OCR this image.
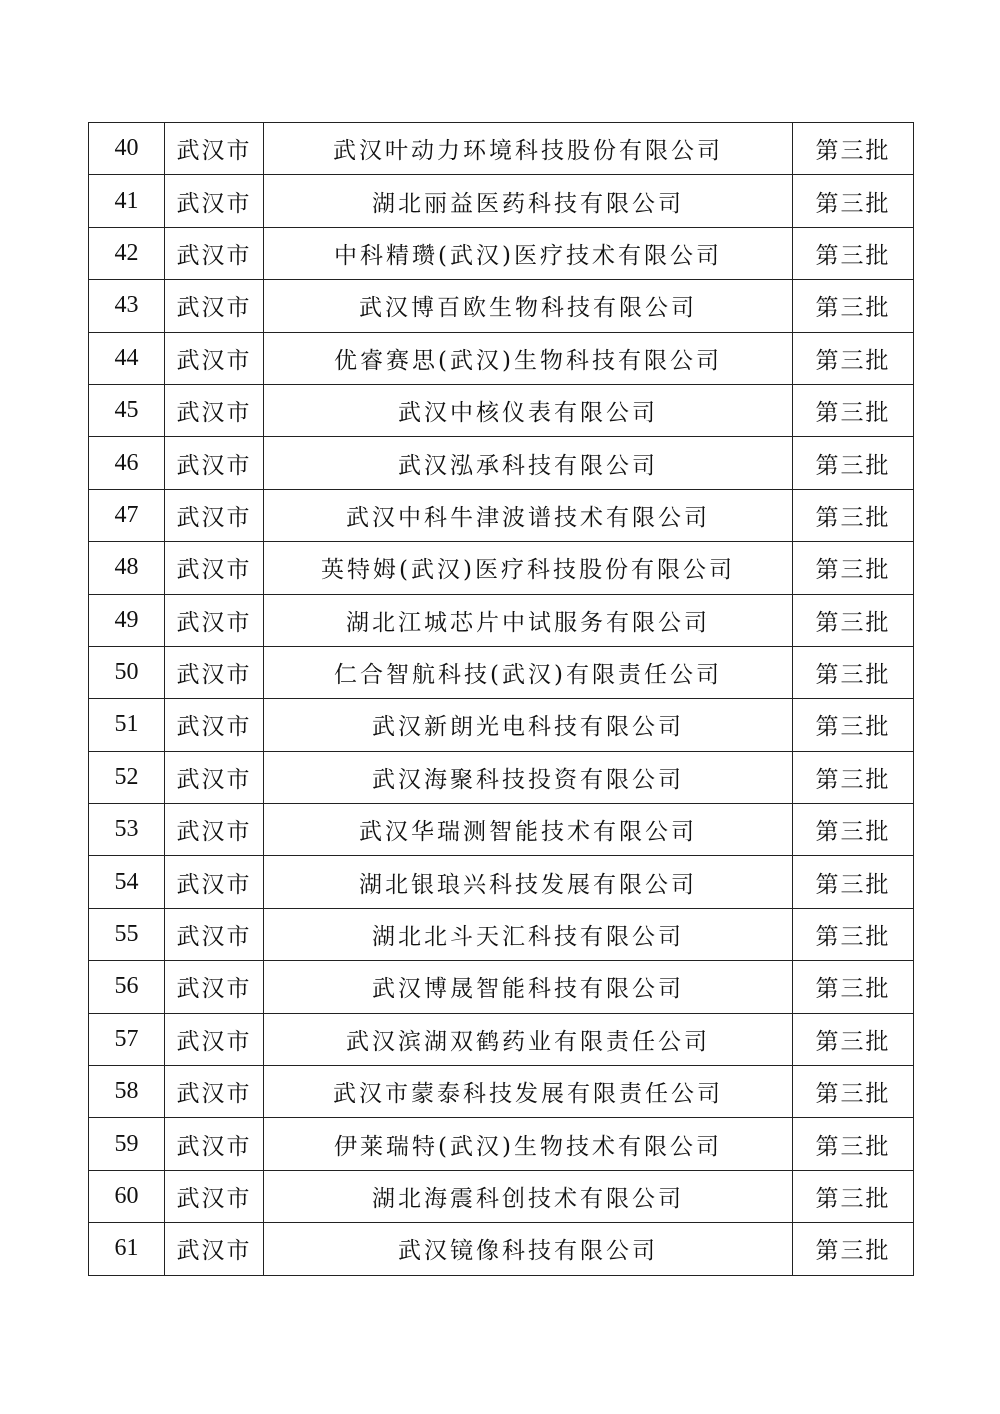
40	武汉市	武汉叶动力环境科技股份有限公司	第三批
41	武汉市	湖北丽益医药科技有限公司	第三批
42	武汉市	中科精瓒(武汉)医疗技术有限公司	第三批
43	武汉市	武汉博百欧生物科技有限公司	第三批
44	武汉市	优睿赛思(武汉)生物科技有限公司	第三批
45	武汉市	武汉中核仪表有限公司	第三批
46	武汉市	武汉泓承科技有限公司	第三批
47	武汉市	武汉中科牛津波谱技术有限公司	第三批
48	武汉市	英特姆(武汉)医疗科技股份有限公司	第三批
49	武汉市	湖北江城芯片中试服务有限公司	第三批
50	武汉市	仁合智航科技(武汉)有限责任公司	第三批
51	武汉市	武汉新朗光电科技有限公司	第三批
52	武汉市	武汉海聚科技投资有限公司	第三批
53	武汉市	武汉华瑞测智能技术有限公司	第三批
54	武汉市	湖北银琅兴科技发展有限公司	第三批
55	武汉市	湖北北斗天汇科技有限公司	第三批
56	武汉市	武汉博晟智能科技有限公司	第三批
57	武汉市	武汉滨湖双鹤药业有限责任公司	第三批
58	武汉市	武汉市蒙泰科技发展有限责任公司	第三批
59	武汉市	伊莱瑞特(武汉)生物技术有限公司	第三批
60	武汉市	湖北海震科创技术有限公司	第三批
61	武汉市	武汉镜像科技有限公司	第三批
